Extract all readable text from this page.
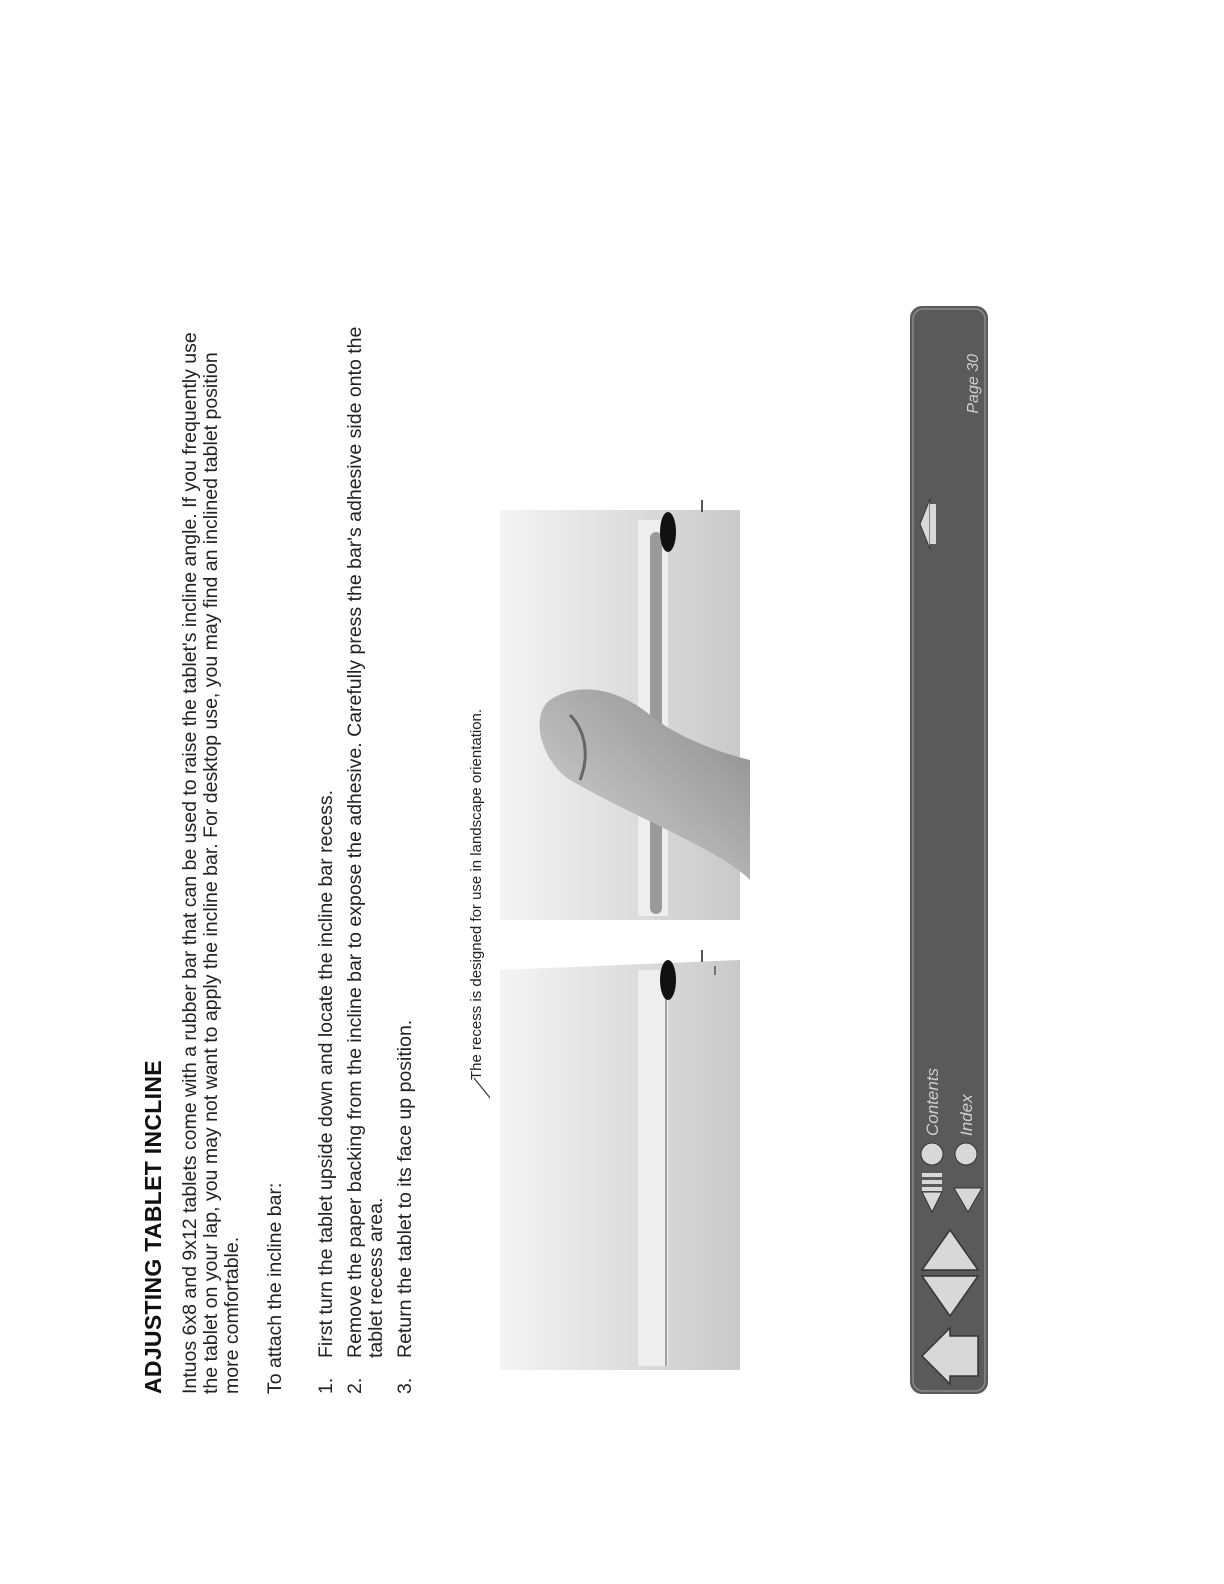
ADJUSTING TABLET INCLINE Intuos 6x8 and 9x12 tablets come with a rubber bar that can be used to raise the tablet's incline angle. If you frequently use the tablet on your lap, you may not want to apply the incline bar. For desktop use, you may find an inclined tablet position more comfortable. To attach the incline bar: 1.
First turn the tablet upside down and locate the incline bar recess.
2.
Remove the paper backing from the incline bar to expose the adhesive. Carefully press the bar's adhesive side onto the tablet recess area.
3.
Return the tablet to its face up position.
The recess is designed for use in landscape orientation.
Contents Index
Page 30
